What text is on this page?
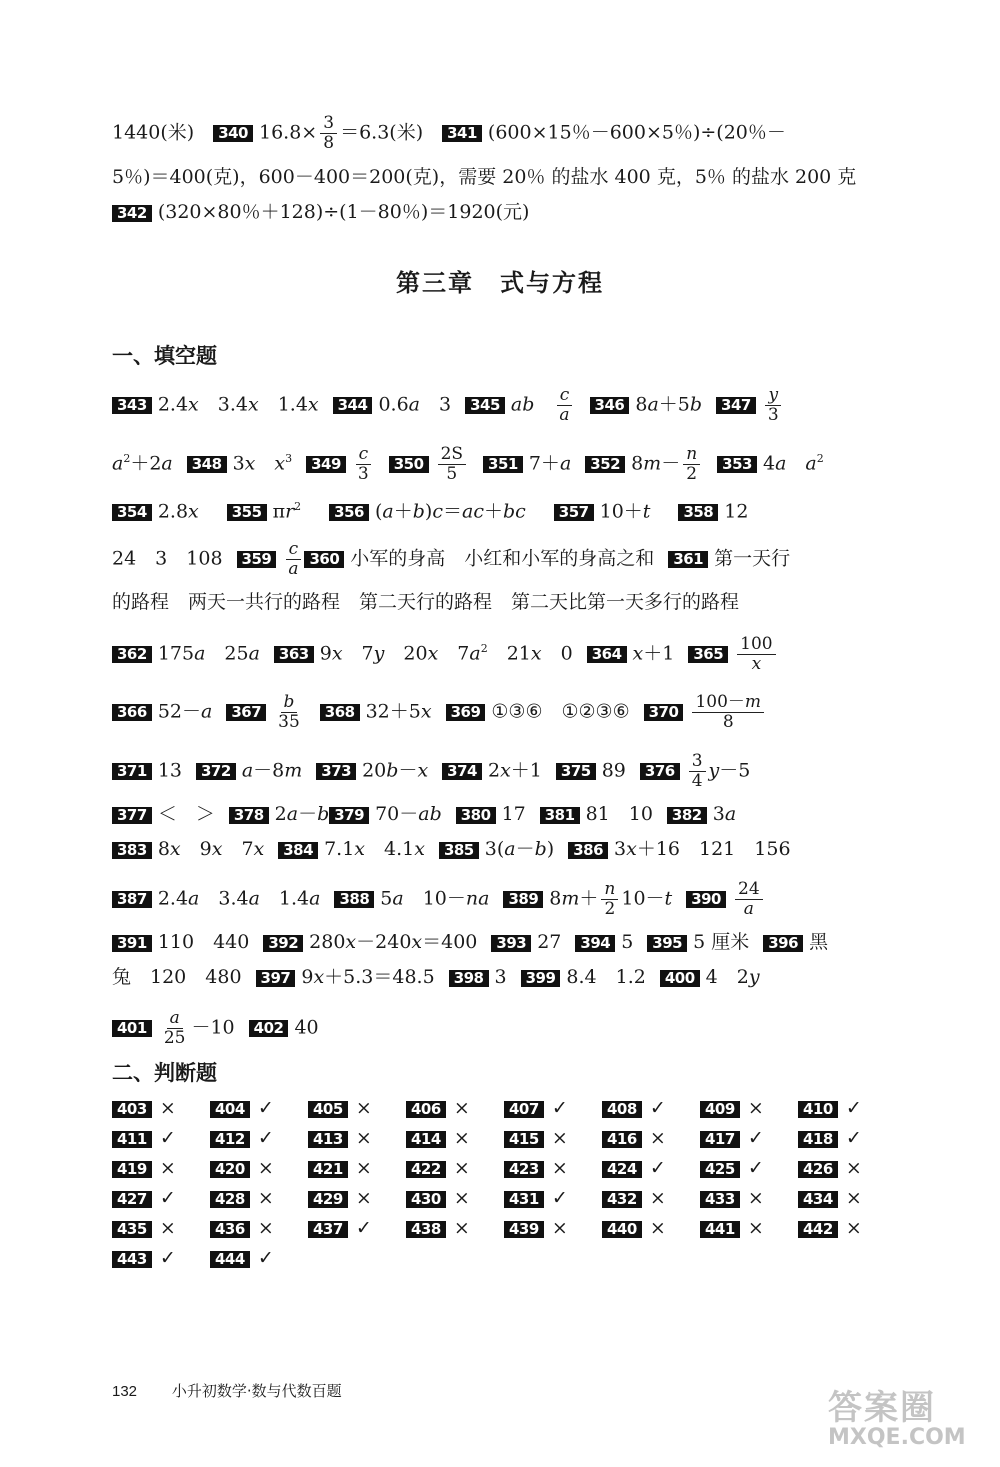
1440(米)　340 $16.8\times \frac{3}{8} =6.3$(米)　341 (600×15％－600×5％)÷(20％－
5％)＝400(克)，600－400＝200(克)，需要 20％ 的盐水 400 克，5％ 的盐水 200 克
342 (320×80％＋128)÷(1－80％)＝1920(元)
第三章　式与方程
一、填空题
343 2.4x　3.4x　1.4x 344 0.6a　3 345 ab　 $\frac{c}{a} 346$ 8a＋5b $347 \frac{y}{3}$
$a^2+2a$ 348 3x　 $x^3$ $349 \frac{c}{3} 350 \frac{2S}{5} 351$ 7＋a 352 $8m- \frac{n}{2} 353$ 4a　 $a^2$
354 2.8x 355 $\pi r^2$ 356 (a＋b)c＝ac＋bc 357 10＋t 358 12
24　3　108 $359 \frac{c}{a} 360$ 小军的身高　小红和小军的身高之和 361 第一天行
的路程　两天一共行的路程　第二天行的路程　第二天比第一天多行的路程
362 175a　25a 363 9x　7y　20x　$7a^2$　21x　0 364 x＋1 $365 \frac{100}{x}$
366 52－a $367 \frac{b}{35} 368$ 32＋5x 369 ①③⑥　①②③⑥ $370 \frac{100-m}{8}$
371 13 372 a－8m 373 20b－x 374 2x＋1 375 89 $376 \frac{3}{4} y-5$
377 ＜　＞ 378 2a－b 379 70－ab 380 17 381 81　10 382 3a
383 8x　9x　7x 384 7.1x　4.1x 385 3(a－b) 386 3x＋16　121　156
387 2.4a　3.4a　1.4a 388 5a　10－na 389 $8m+ \frac{n}{2} 10-t$ $390 \frac{24}{a}$
391 110　440 392 280x－240x＝400 393 27 394 5 395 5 厘米 396 黑
兔　120　480 397 9x＋5.3＝48.5 398 3 399 8.4　1.2 400 4　2y
$401 \frac{a}{25} -10$ 402 40
二、判断题
403 ×	404 ✓	405 ×	406 ×	407 ✓	408 ✓	409 ×	410 ✓
411 ✓	412 ✓	413 ×	414 ×	415 ×	416 ×	417 ✓	418 ✓
419 ×	420 ×	421 ×	422 ×	423 ×	424 ✓	425 ✓	426 ×
427 ✓	428 ×	429 ×	430 ×	431 ✓	432 ×	433 ×	434 ×
435 ×	436 ×	437 ✓	438 ×	439 ×	440 ×	441 ×	442 ×
443 ✓	444 ✓
132 小升初数学·数与代数百题	答案圈
MXQE.COM
